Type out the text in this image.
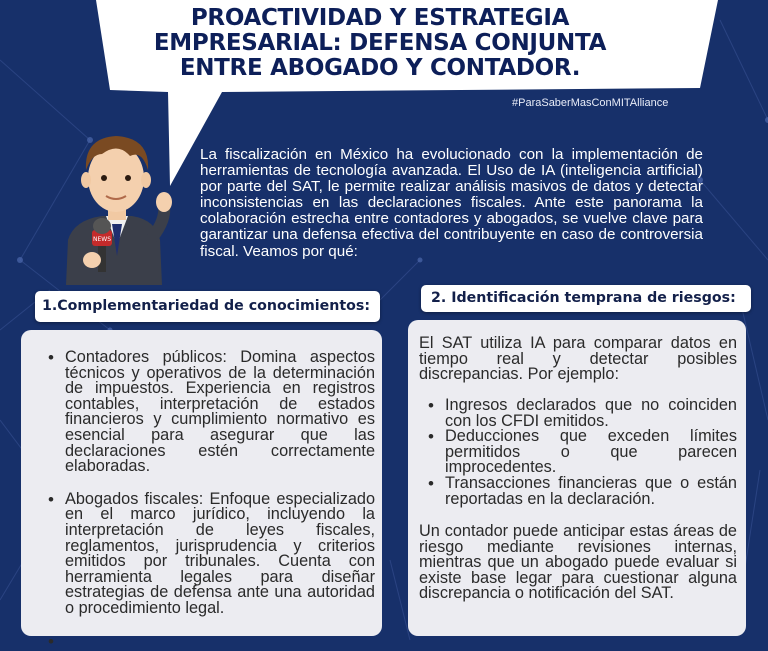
PROACTIVIDAD Y ESTRATEGIA EMPRESARIAL: DEFENSA CONJUNTA ENTRE ABOGADO Y CONTADOR.
#ParaSaberMasConMITAlliance
NEWS

La fiscalización en México ha evolucionado con la implementación de herramientas de tecnología avanzada. El Uso de IA (inteligencia artificial) por parte del SAT, le permite realizar análisis masivos de datos y detectar inconsistencias en las declaraciones fiscales. Ante este panorama la colaboración estrecha entre contadores y abogados, se vuelve clave para garantizar una defensa efectiva del contribuyente en caso de controversia fiscal. Veamos por qué:

1.Complementariedad de conocimientos:
• Contadores públicos: Domina aspectos técnicos y operativos de la determinación de impuestos. Experiencia en registros contables, interpretación de estados financieros y cumplimiento normativo es esencial para asegurar que las declaraciones estén correctamente elaboradas.
• Abogados fiscales: Enfoque especializado en el marco jurídico, incluyendo la interpretación de leyes fiscales, reglamentos, jurisprudencia y criterios emitidos por tribunales. Cuenta con herramienta legales para diseñar estrategias de defensa ante una autoridad o procedimiento legal.
2. Identificación temprana de riesgos:

El SAT utiliza IA para comparar datos en tiempo real y detectar posibles discrepancias. Por ejemplo:

• Ingresos declarados que no coinciden con los CFDI emitidos.
• Deducciones que exceden límites permitidos o que parecen improcedentes.
• Transacciones financieras que o están reportadas en la declaración.

Un contador puede anticipar estas áreas de riesgo mediante revisiones internas, mientras que un abogado puede evaluar si existe base legar para cuestionar alguna discrepancia o notificación del SAT.
